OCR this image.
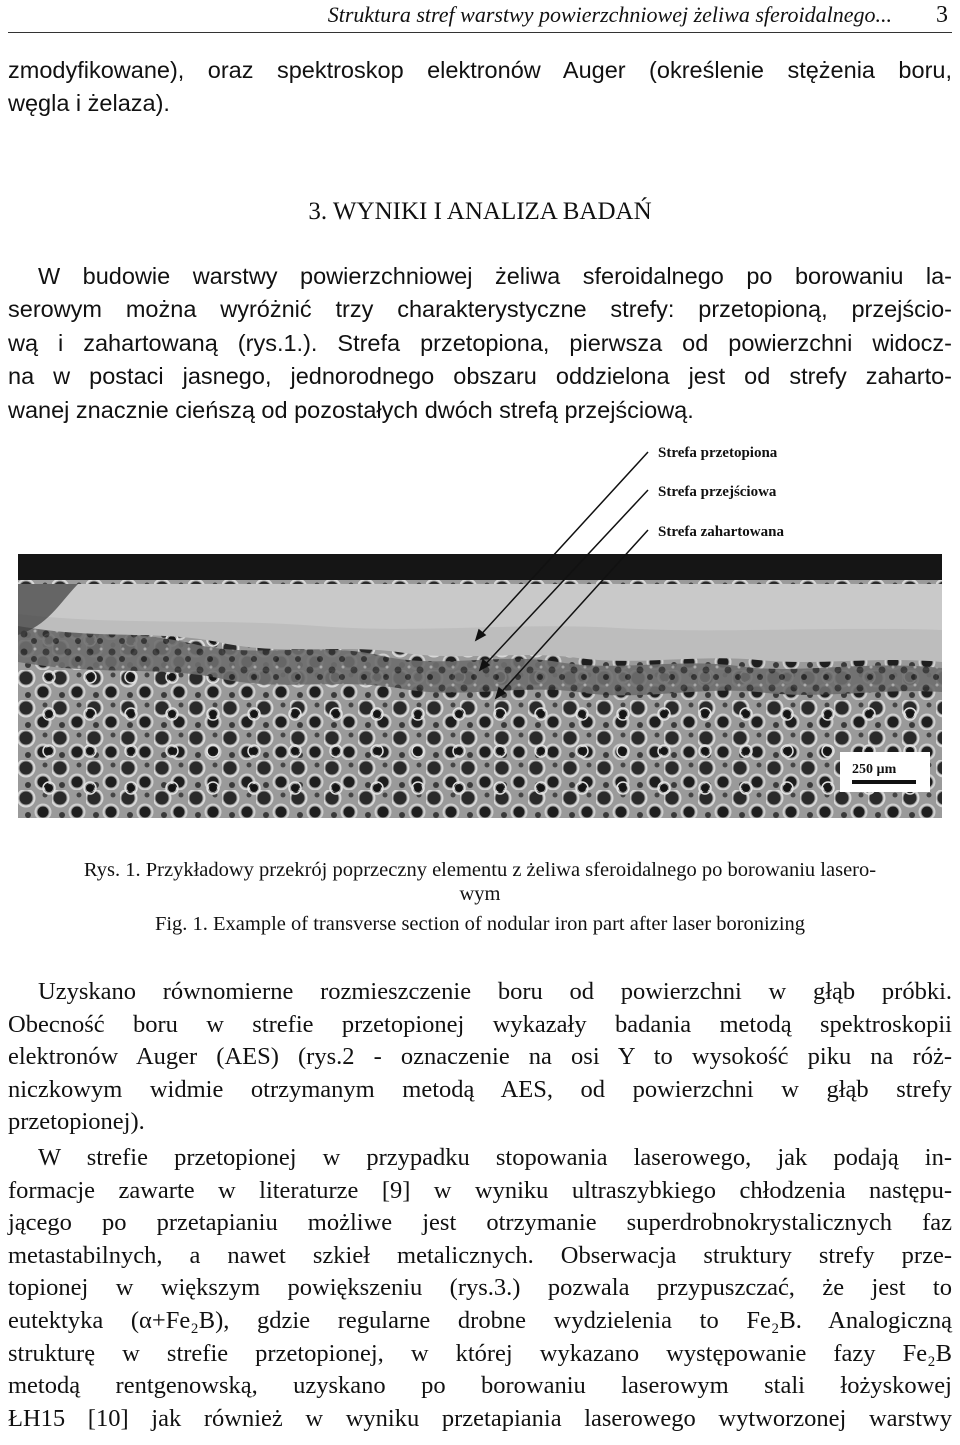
Struktura stref warstwy powierzchniowej żeliwa sferoidalnego... 3
zmodyfikowane), oraz spektroskop elektronów Auger (określenie stężenia boru,
węgla i żelaza).
3. WYNIKI I ANALIZA BADAŃ
W budowie warstwy powierzchniowej żeliwa sferoidalnego po borowaniu la-
serowym można wyróżnić trzy charakterystyczne strefy: przetopioną, przejścio-
wą i zahartowaną (rys.1.). Strefa przetopiona, pierwsza od powierzchni widocz-
na w postaci jasnego, jednorodnego obszaru oddzielona jest od strefy zaharto-
wanej znacznie cieńszą od pozostałych dwóch strefą przejściową.
250 µm
Strefa przetopiona
Strefa przejściowa
Strefa zahartowana
Rys. 1. Przykładowy przekrój poprzeczny elementu z żeliwa sferoidalnego po borowaniu lasero-
wym
Fig. 1. Example of transverse section of nodular iron part after laser boronizing
Uzyskano równomierne rozmieszczenie boru od powierzchni w głąb próbki.
Obecność boru w strefie przetopionej wykazały badania metodą spektroskopii
elektronów Auger (AES) (rys.2 - oznaczenie na osi Y to wysokość piku na róż-
niczkowym widmie otrzymanym metodą AES, od powierzchni w głąb strefy
przetopionej).
W strefie przetopionej w przypadku stopowania laserowego, jak podają in-
formacje zawarte w literaturze [9] w wyniku ultraszybkiego chłodzenia następu-
jącego po przetapianiu możliwe jest otrzymanie superdrobnokrystalicznych faz
metastabilnych, a nawet szkieł metalicznych. Obserwacja struktury strefy prze-
topionej w większym powiększeniu (rys.3.) pozwala przypuszczać, że jest to
eutektyka (α+Fe₂B), gdzie regularne drobne wydzielenia to Fe₂B. Analogiczną
strukturę w strefie przetopionej, w której wykazano występowanie fazy Fe₂B
metodą rentgenowską, uzyskano po borowaniu laserowym stali łożyskowej
ŁH15 [10] jak również w wyniku przetapiania laserowego wytworzonej warstwy
